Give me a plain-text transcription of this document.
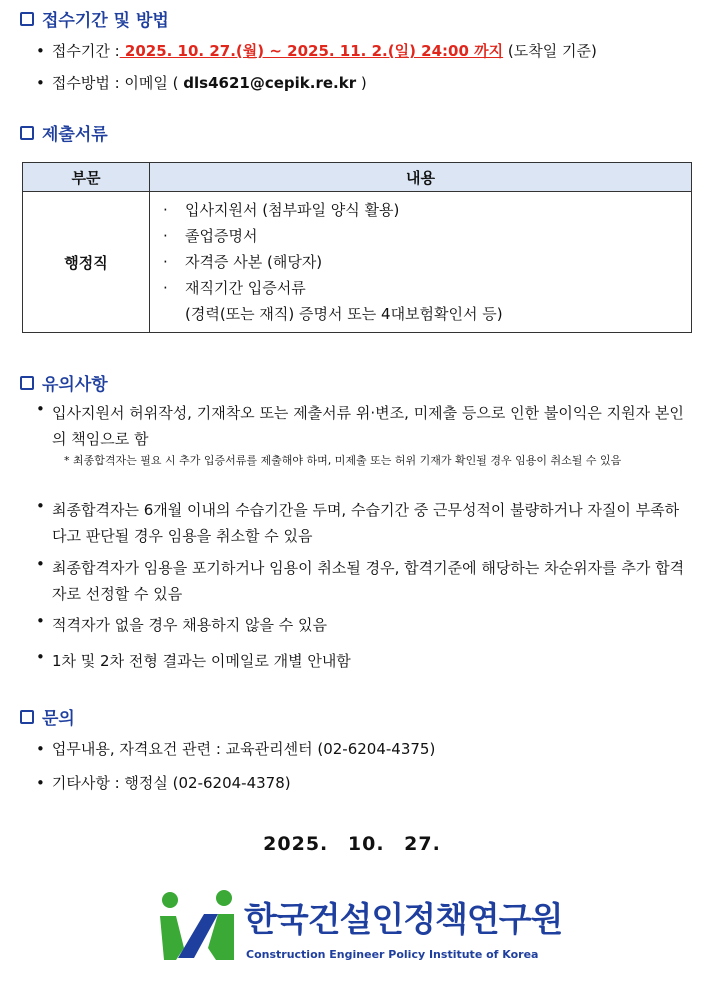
접수기간 및 방법
• 접수기간 : 2025. 10. 27.(월) ~ 2025. 11. 2.(일) 24:00 까지 (도착일 기준)
• 접수방법 : 이메일 ( dls4621@cepik.re.kr )
제출서류
부문	내용
행정직	· 입사지원서 (첨부파일 양식 활용)
· 졸업증명서
· 자격증 사본 (해당자)
· 재직기간 입증서류
(경력(또는 재직) 증명서 또는 4대보험확인서 등)
유의사항
• 입사지원서 허위작성, 기재착오 또는 제출서류 위·변조, 미제출 등으로 인한 불이익은 지원자 본인의 책임으로 함
* 최종합격자는 필요 시 추가 입증서류를 제출해야 하며, 미제출 또는 허위 기재가 확인될 경우 임용이 취소될 수 있음
• 최종합격자는 6개월 이내의 수습기간을 두며, 수습기간 중 근무성적이 불량하거나 자질이 부족하다고 판단될 경우 임용을 취소할 수 있음
• 최종합격자가 임용을 포기하거나 임용이 취소될 경우, 합격기준에 해당하는 차순위자를 추가 합격자로 선정할 수 있음
• 적격자가 없을 경우 채용하지 않을 수 있음
• 1차 및 2차 전형 결과는 이메일로 개별 안내함
문의
• 업무내용, 자격요건 관련 : 교육관리센터 (02-6204-4375)
• 기타사항 : 행정실 (02-6204-4378)
2025. 10. 27.
한국건설인정책연구원
Construction Engineer Policy Institute of Korea
